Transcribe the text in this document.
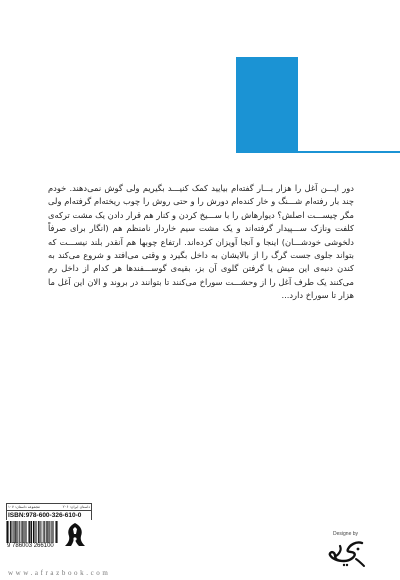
دور ایـــن آغل را هزار بـــار گفته‌ام بیایید کمک کنیـــد بگیریم ولی گوش نمی‌دهند. خودم چند بار رفته‌ام شـــنگ و خار کنده‌ام دورش را و حتی روش را چوب ریخته‌ام گرفته‌ام ولی مگر چیســـت اصلش؟ دیوارهاش را با ســـیخ کردن و کنار هم قرار دادن یک مشت ترکه‌ی کلفت ونازک ســـپیدار گرفته‌اند و یک مشت سیم خاردار نامنظم هم (انگار برای صرفاً دلخوشی خودشـــان) اینجا و آنجا آویزان کرده‌اند. ارتفاع چوبها هم آنقدر بلند نیســـت که بتواند جلوی جست گرگ را از بالایشان به داخل بگیرد و وقتی می‌افتد و شروع می‌کند به کندن دنبه‌ی این میش یا گرفتن گلوی آن بز، بقیه‌ی گوســـفندها هر کدام از داخل رم می‌کنند یک طرف آغل را از وحشـــت سوراخ می‌کنند تا بتوانند در بروند و الان این آغل ما هزار تا سوراخ دارد...

داستان ایران: ۲۰۶
مجموعه داستان: ۱۰۷
ISBN:978-600-326-610-0
9 786003 266100
www.afrazbook.com
Designe by
